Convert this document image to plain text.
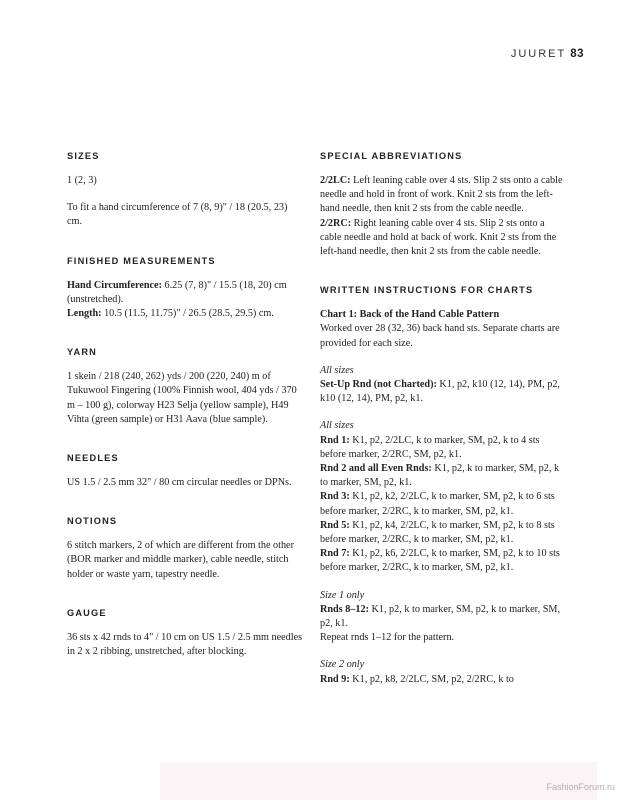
JUURET 83
SIZES

1 (2, 3)

To fit a hand circumference of 7 (8, 9)" / 18 (20.5, 23) cm.

FINISHED MEASUREMENTS

Hand Circumference: 6.25 (7, 8)" / 15.5 (18, 20) cm (unstretched).

Length: 10.5 (11.5, 11.75)" / 26.5 (28.5, 29.5) cm.

YARN

1 skein / 218 (240, 262) yds / 200 (220, 240) m of Tukuwool Fingering (100% Finnish wool, 404 yds / 370 m – 100 g), colorway H23 Selja (yellow sample), H49 Vihta (green sample) or H31 Aava (blue sample).

NEEDLES

US 1.5 / 2.5 mm 32" / 80 cm circular needles or DPNs.

NOTIONS

6 stitch markers, 2 of which are different from the other (BOR marker and middle marker), cable needle, stitch holder or waste yarn, tapestry needle.

GAUGE

36 sts x 42 rnds to 4" / 10 cm on US 1.5 / 2.5 mm needles in 2 x 2 ribbing, unstretched, after blocking.

SPECIAL ABBREVIATIONS

2/2LC: Left leaning cable over 4 sts. Slip 2 sts onto a cable needle and hold in front of work. Knit 2 sts from the left-hand needle, then knit 2 sts from the cable needle.

2/2RC: Right leaning cable over 4 sts. Slip 2 sts onto a cable needle and hold at back of work. Knit 2 sts from the left-hand needle, then knit 2 sts from the cable needle.

WRITTEN INSTRUCTIONS FOR CHARTS

Chart 1: Back of the Hand Cable Pattern

Worked over 28 (32, 36) back hand sts. Separate charts are provided for each size.

All sizes

Set-Up Rnd (not Charted): K1, p2, k10 (12, 14), PM, p2, k10 (12, 14), PM, p2, k1.

All sizes

Rnd 1: K1, p2, 2/2LC, k to marker, SM, p2, k to 4 sts before marker, 2/2RC, SM, p2, k1.

Rnd 2 and all Even Rnds: K1, p2, k to marker, SM, p2, k to marker, SM, p2, k1.

Rnd 3: K1, p2, k2, 2/2LC, k to marker, SM, p2, k to 6 sts before marker, 2/2RC, k to marker, SM, p2, k1.

Rnd 5: K1, p2, k4, 2/2LC, k to marker, SM, p2, k to 8 sts before marker, 2/2RC, k to marker, SM, p2, k1.

Rnd 7: K1, p2, k6, 2/2LC, k to marker, SM, p2, k to 10 sts before marker, 2/2RC, k to marker, SM, p2, k1.

Size 1 only

Rnds 8–12: K1, p2, k to marker, SM, p2, k to marker, SM, p2, k1.

Repeat rnds 1–12 for the pattern.

Size 2 only

Rnd 9: K1, p2, k8, 2/2LC, SM, p2, 2/2RC, k to

FashionForum.ru
